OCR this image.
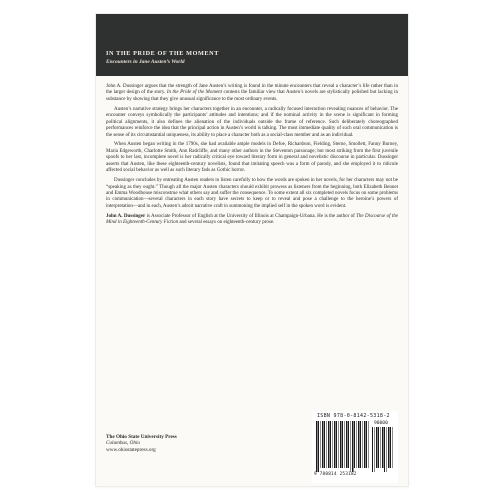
IN THE PRIDE OF THE MOMENT
Encounters in Jane Austen’s World

John A. Dussinger argues that the strength of Jane Austen’s writing is found in the minute encounters that reveal a character’s life rather than in the larger design of the story. In the Pride of the Moment contests the familiar view that Austen’s novels are stylistically polished but lacking in substance by showing that they give unusual significance to the most ordinary events.

Austen’s narrative strategy brings her characters together in an encounter, a radically focused interaction revealing nuances of behavior. The encounter conveys symbolically the participants’ attitudes and intentions; and if the nominal activity in the scene is significant in forming political alignments, it also defines the alienation of the individuals outside the frame of reference. Such deliberately choreographed performances reinforce the idea that the principal action in Austen’s world is talking. The most immediate quality of such oral communication is the sense of its circumstantial uniqueness, its ability to place a character both as a social-class member and as an individual.

When Austen began writing in the 1790s, she had available ample models in Defoe, Richardson, Fielding, Sterne, Smollett, Fanny Burney, Maria Edgeworth, Charlotte Smith, Ann Radcliffe, and many other authors in the Steventon parsonage; but most striking from the first juvenile spoofs to her last, incomplete novel is her radically critical eye toward literary form in general and novelistic discourse in particular. Dussinger asserts that Austen, like these eighteenth-century novelists, found that imitating speech was a form of parody, and she employed it to ridicule affected social behavior as well as such literary fads as Gothic horror.

Dussinger concludes by entreating Austen readers to listen carefully to how the words are spoken in her novels, for her characters may not be “speaking as they ought.” Though all the major Austen characters should exhibit prowess as listeners from the beginning, both Elizabeth Bennet and Emma Woodhouse misconstrue what others say and suffer the consequence. To some extent all six completed novels focus on some problems in communication—several characters in each story have secrets to keep or to reveal and pose a challenge to the heroine’s powers of interpretation—and in each, Austen’s adroit narrative craft in summoning the implied self in the spoken word is evident.

John A. Dussinger is Associate Professor of English at the University of Illinois at Champaign-Urbana. He is the author of The Discourse of the Mind in Eighteenth-Century Fiction and several essays on eighteenth-century prose.

The Ohio State University Press
Columbus, Ohio
www.ohiostatepress.org
ISBN 978-0-8142-5318-2
90000
9 780814 253182
